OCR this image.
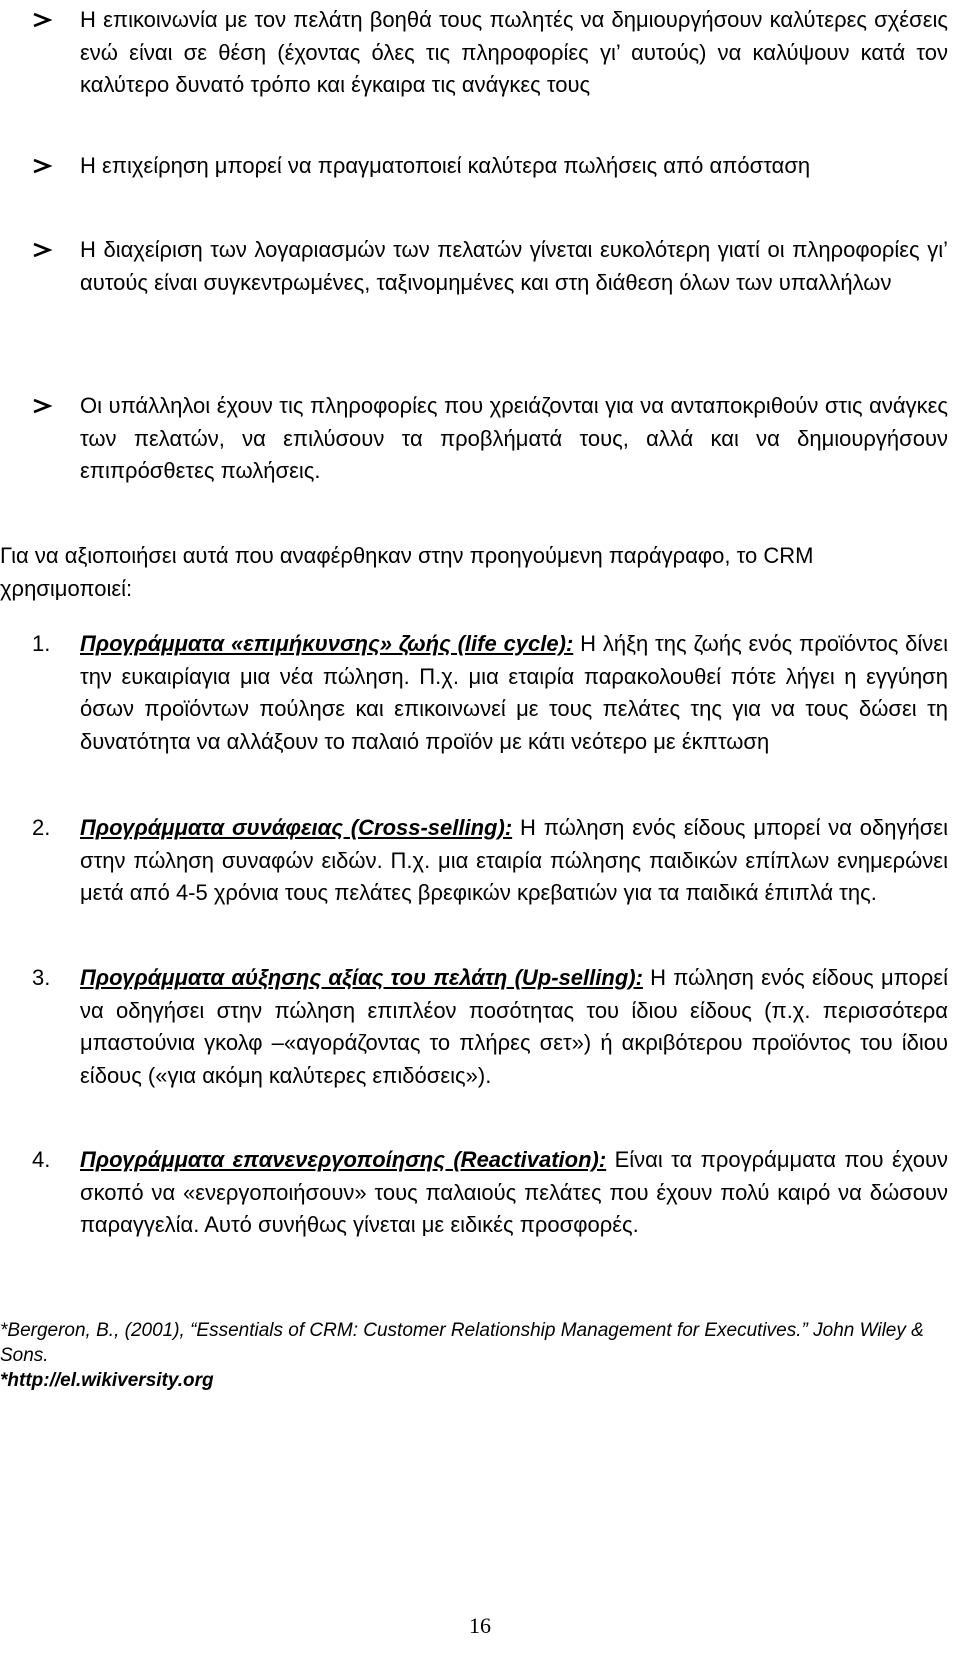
Η επικοινωνία με τον πελάτη βοηθά τους πωλητές να δημιουργήσουν καλύτερες σχέσεις ενώ είναι σε θέση (έχοντας όλες τις πληροφορίες γι’ αυτούς) να καλύψουν κατά τον καλύτερο δυνατό τρόπο και έγκαιρα τις ανάγκες τους
Η επιχείρηση μπορεί να πραγματοποιεί καλύτερα πωλήσεις από απόσταση
Η διαχείριση των λογαριασμών των πελατών γίνεται ευκολότερη γιατί οι πληροφορίες γι’ αυτούς είναι συγκεντρωμένες, ταξινομημένες και στη διάθεση όλων των υπαλλήλων
Οι υπάλληλοι έχουν τις πληροφορίες που χρειάζονται για να ανταποκριθούν στις ανάγκες των πελατών, να επιλύσουν τα προβλήματά τους, αλλά και να δημιουργήσουν επιπρόσθετες πωλήσεις.
Για να αξιοποιήσει αυτά που αναφέρθηκαν στην προηγούμενη παράγραφο, το CRM χρησιμοποιεί:
1. Προγράμματα «επιμήκυνσης» ζωής (life cycle): Η λήξη της ζωής ενός προϊόντος δίνει την ευκαιρίαγια μια νέα πώληση. Π.χ. μια εταιρία παρακολουθεί πότε λήγει η εγγύηση όσων προϊόντων πούλησε και επικοινωνεί με τους πελάτες της για να τους δώσει τη δυνατότητα να αλλάξουν το παλαιό προϊόν με κάτι νεότερο με έκπτωση
2. Προγράμματα συνάφειας (Cross-selling): Η πώληση ενός είδους μπορεί να οδηγήσει στην πώληση συναφών ειδών. Π.χ. μια εταιρία πώλησης παιδικών επίπλων ενημερώνει μετά από 4-5 χρόνια τους πελάτες βρεφικών κρεβατιών για τα παιδικά έπιπλά της.
3. Προγράμματα αύξησης αξίας του πελάτη (Up-selling): Η πώληση ενός είδους μπορεί να οδηγήσει στην πώληση επιπλέον ποσότητας του ίδιου είδους (π.χ. περισσότερα μπαστούνια γκολφ –«αγοράζοντας το πλήρες σετ») ή ακριβότερου προϊόντος του ίδιου είδους («για ακόμη καλύτερες επιδόσεις»).
4. Προγράμματα επανενεργοποίησης (Reactivation): Είναι τα προγράμματα που έχουν σκοπό να «ενεργοποιήσουν» τους παλαιούς πελάτες που έχουν πολύ καιρό να δώσουν παραγγελία. Αυτό συνήθως γίνεται με ειδικές προσφορές.
*Bergeron, B., (2001), “Essentials of CRM: Customer Relationship Management for Executives.” John Wiley & Sons.
*http://el.wikiversity.org
16
